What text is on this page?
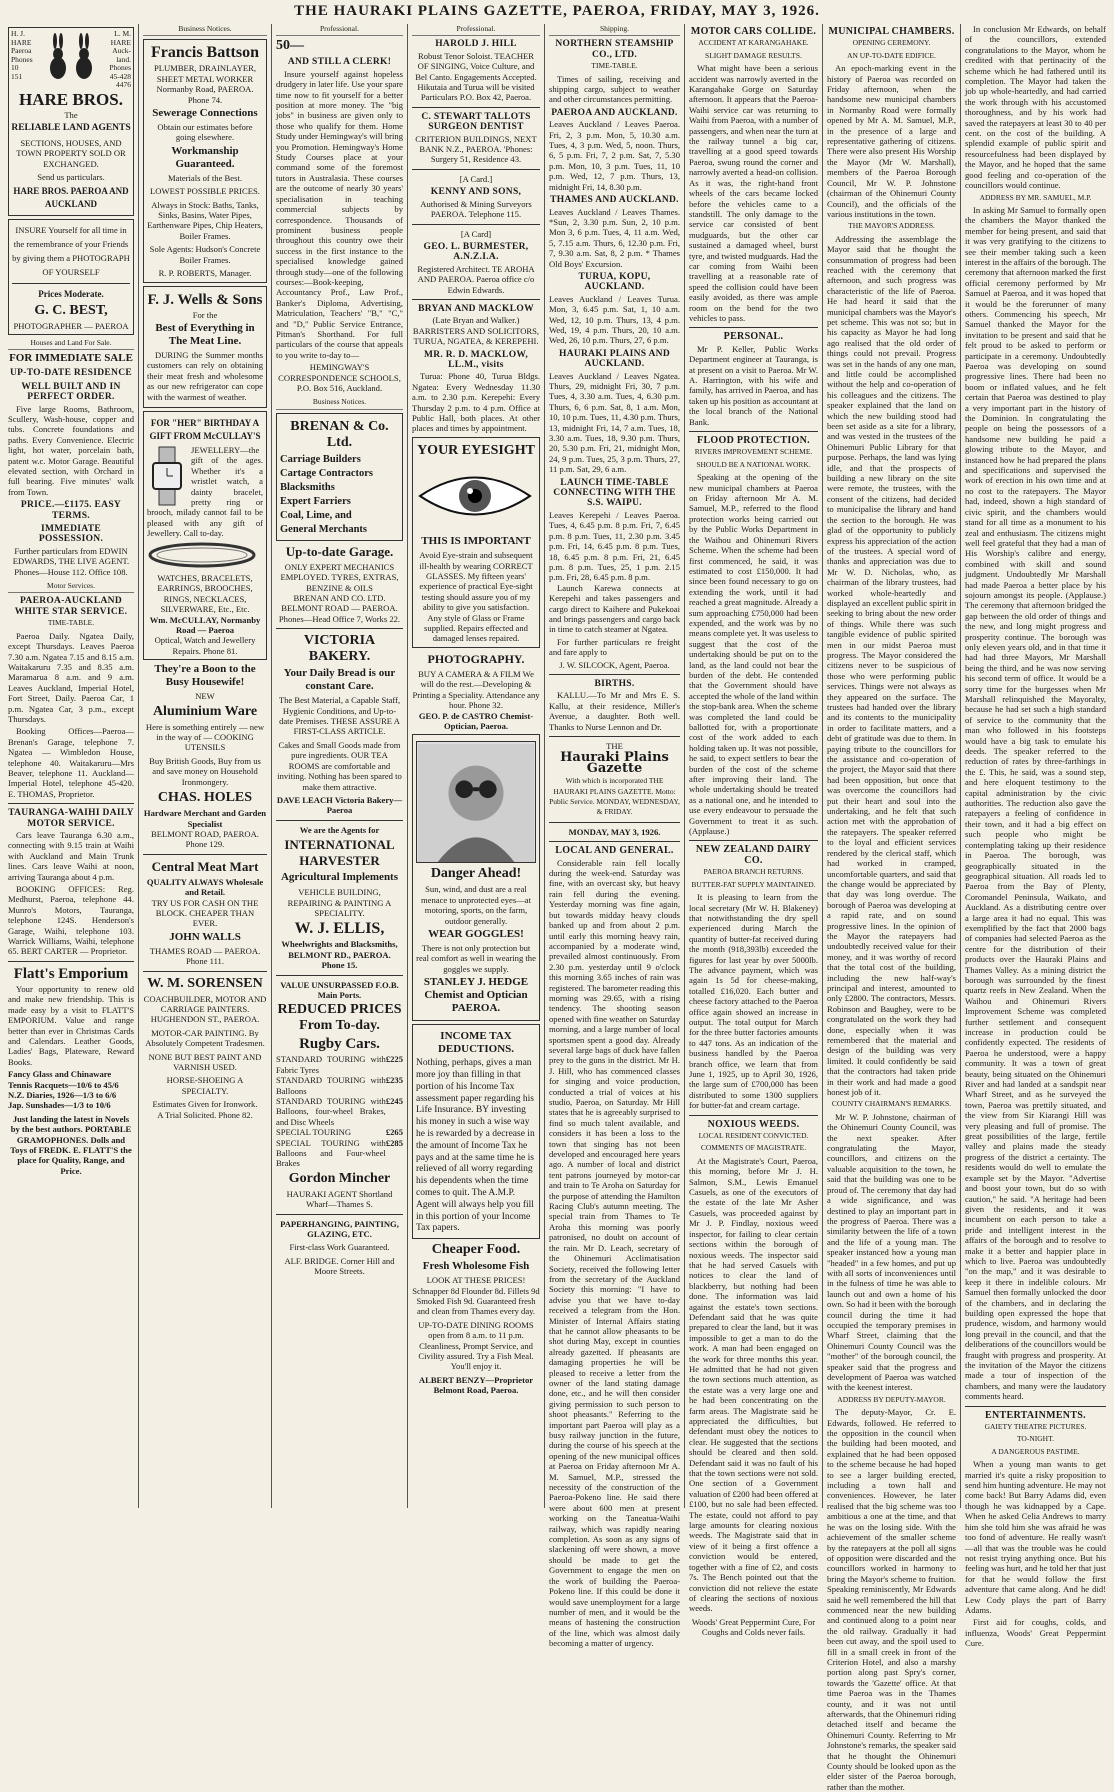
THE HAURAKI PLAINS GAZETTE, PAEROA, FRIDAY, MAY 3, 1926.
H. J.
HARE
Paeroa
Phones
10
151
L. M.
HARE
Auck-
land.
Phones
45-428
4476
HARE BROS.
The
RELIABLE LAND AGENTS
SECTIONS, HOUSES, AND TOWN PROPERTY SOLD OR EXCHANGED.
Send us particulars.
HARE BROS. PAEROA AND AUCKLAND
INSURE Yourself for all time in the remembrance of your Friends by giving them a PHOTOGRAPH OF YOURSELF
Prices Moderate.
G. C. BEST,
PHOTOGRAPHER — PAEROA
Houses and Land For Sale.
FOR IMMEDIATE SALE
UP-TO-DATE RESIDENCE
WELL BUILT AND IN PERFECT ORDER.
Five large Rooms, Bathroom, Scullery, Wash-house, copper and tubs. Concrete foundations and paths. Every Convenience. Electric light, hot water, porcelain bath, patent w.c. Motor Garage. Beautiful elevated section, with Orchard in full bearing. Five minutes' walk from Town.
PRICE.—£1175. EASY TERMS.
IMMEDIATE POSSESSION.
Further particulars from EDWIN EDWARDS, THE LIVE AGENT. Phones—House 112. Office 108.
Motor Services.
PAEROA-AUCKLAND WHITE STAR SERVICE.
TIME-TABLE.
Paeroa Daily. Ngatea Daily, except Thursdays. Leaves Paeroa 7.30 a.m. Ngatea 7.15 and 8.15 a.m. Waitakaruru 7.35 and 8.35 a.m. Maramarua 8 a.m. and 9 a.m. Leaves Auckland, Imperial Hotel, Fort Street, Daily. Paeroa Car, 1 p.m. Ngatea Car, 3 p.m., except Thursdays.
Booking Offices—Paeroa—Brenan's Garage, telephone 7. Ngatea — Wimbledon House, telephone 40. Waitakaruru—Mrs Beaver, telephone 11. Auckland—Imperial Hotel, telephone 45-420. E. THOMAS, Proprietor.
TAURANGA-WAIHI DAILY MOTOR SERVICE.
Cars leave Tauranga 6.30 a.m., connecting with 9.15 train at Waihi with Auckland and Main Trunk lines. Cars leave Waihi at noon, arriving Tauranga about 4 p.m.
BOOKING OFFICES: Reg. Medhurst, Paeroa, telephone 44. Munro's Motors, Tauranga, telephone 124S. Henderson's Garage, Waihi, telephone 103. Warrick Williams, Waihi, telephone 65. BERT CARTER — Proprietor.
Flatt's Emporium
Your opportunity to renew old and make new friendship. This is made easy by a visit to FLATT'S EMPORIUM. Value and range better than ever in Christmas Cards and Calendars. Leather Goods, Ladies' Bags, Plateware, Reward Books.
Fancy Glass and Chinaware
Tennis Racquets—10/6 to 45/6
N.Z. Diaries, 1926—1/3 to 6/6
Jap. Sunshades—1/3 to 10/6
Just landing the latest in Novels by the best authors. PORTABLE GRAMOPHONES. Dolls and Toys of FREDK. E. FLATT'S the place for Quality, Range, and Price.
Business Notices.
Francis Battson
PLUMBER, DRAINLAYER, SHEET METAL WORKER
Normanby Road, PAEROA. Phone 74.
Sewerage Connections
Obtain our estimates before going elsewhere.
Workmanship Guaranteed.
Materials of the Best.
LOWEST POSSIBLE PRICES.
Always in Stock: Baths, Tanks, Sinks, Basins, Water Pipes, Earthenware Pipes, Chip Heaters, Boiler Frames.
Sole Agents: Hudson's Concrete Boiler Frames.
R. P. ROBERTS, Manager.
F. J. Wells & Sons
For the
Best of Everything in The Meat Line.
DURING the Summer months customers can rely on obtaining their meat fresh and wholesome as our new refrigerator can cope with the warmest of weather.
FOR "HER" BIRTHDAY A GIFT FROM McCULLAY'S
JEWELLERY—the gift of the ages. Whether it's a wristlet watch, a dainty bracelet, pretty ring or brooch, milady cannot fail to be pleased with any gift of Jewellery. Call to-day.
WATCHES, BRACELETS, EARRINGS, BROOCHES, RINGS, NECKLACES, SILVERWARE, Etc., Etc.
Wm. McCULLAY, Normanby Road — Paeroa
Optical, Watch and Jewellery Repairs. Phone 81.
They're a Boon to the Busy Housewife!
NEW
Aluminium Ware
Here is something entirely — new in the way of — COOKING UTENSILS
Buy British Goods, Buy from us and save money on Household Ironmongery.
CHAS. HOLES
Hardware Merchant and Garden Specialist
BELMONT ROAD, PAEROA. Phone 129.
Central Meat Mart
QUALITY ALWAYS Wholesale and Retail.
TRY US FOR CASH ON THE BLOCK. CHEAPER THAN EVER.
JOHN WALLS
THAMES ROAD — PAEROA. Phone 111.
W. M. SORENSEN
COACHBUILDER, MOTOR AND CARRIAGE PAINTERS. HUGHENDON ST., PAEROA.
MOTOR-CAR PAINTING. By Absolutely Competent Tradesmen.
NONE BUT BEST PAINT AND VARNISH USED.
HORSE-SHOEING A SPECIALTY.
Estimates Given for Ironwork.
A Trial Solicited. Phone 82.
Professional.
50—
AND STILL A CLERK!
Insure yourself against hopeless drudgery in later life. Use your spare time now to fit yourself for a better position at more money. The "big jobs" in business are given only to those who qualify for them. Home Study under Hemingway's will bring you Promotion. Hemingway's Home Study Courses place at your command some of the foremost tutors in Australasia. These courses are the outcome of nearly 30 years' specialisation in teaching commercial subjects by correspondence. Thousands of prominent business people throughout this country owe their success in the first instance to the specialised knowledge gained through study—one of the following courses:—Book-keeping, Accountancy Prof., Law Prof., Banker's Diploma, Advertising, Matriculation, Teachers' "B," "C," and "D," Public Service Entrance, Pitman's Shorthand. For full particulars of the course that appeals to you write to-day to—
HEMINGWAY'S CORRESPONDENCE SCHOOLS, P.O. Box 516, Auckland.
Business Notices.
BRENAN & Co. Ltd.
Carriage Builders
Cartage Contractors
Blacksmiths
Expert Farriers
Coal, Lime, and
General Merchants
Up-to-date Garage.
ONLY EXPERT MECHANICS EMPLOYED. TYRES, EXTRAS, BENZINE & OILS
BRENAN AND CO. LTD. BELMONT ROAD — PAEROA. Phones—Head Office 7, Works 22.
VICTORIA BAKERY.
Your Daily Bread is our constant Care.
The Best Material, a Capable Staff, Hygienic Conditions, and Up-to-date Premises. THESE ASSURE A FIRST-CLASS ARTICLE.
Cakes and Small Goods made from pure ingredients. OUR TEA ROOMS are comfortable and inviting. Nothing has been spared to make them attractive.
DAVE LEACH Victoria Bakery—Paeroa
We are the Agents for
INTERNATIONAL HARVESTER
Agricultural Implements
VEHICLE BUILDING, REPAIRING & PAINTING A SPECIALITY.
W. J. ELLIS,
Wheelwrights and Blacksmiths, BELMONT RD., PAEROA. Phone 15.
VALUE UNSURPASSED F.O.B. Main Ports.
REDUCED PRICES From To-day.
Rugby Cars.
STANDARD TOURING with Fabric Tyres
£225
STANDARD TOURING with Balloons
£235
STANDARD TOURING with Balloons, four-wheel Brakes, and Disc Wheels
£245
SPECIAL TOURING	£265
SPECIAL TOURING with Balloons and Four-wheel Brakes
£285
Gordon Mincher
HAURAKI AGENT Shortland Wharf—Thames S.
PAPERHANGING, PAINTING, GLAZING, ETC.
First-class Work Guaranteed.
ALF. BRIDGE. Corner Hill and Moore Streets.
Professional.
HAROLD J. HILL
Robust Tenor Soloist. TEACHER OF SINGING, Voice Culture, and Bel Canto. Engagements Accepted. Hikutaia and Turua will be visited Particulars P.O. Box 42, Paeroa.
C. STEWART TALLOTS SURGEON DENTIST
CRITERION BUILDINGS, NEXT BANK N.Z., PAEROA. 'Phones: Surgery 51, Residence 43.
[A Card.]
KENNY AND SONS,
Authorised & Mining Surveyors PAEROA. Telephone 115.
[A Card]
GEO. L. BURMESTER, A.N.Z.I.A.
Registered Architect. TE AROHA AND PAEROA. Paeroa office c/o Edwin Edwards.
BRYAN AND MACKLOW
(Late Bryan and Walker.) BARRISTERS AND SOLICITORS, TURUA, NGATEA, & KEREPEHI.
MR. R. D. MACKLOW, LL.M., visits
Turua: Phone 40, Turua Bldgs. Ngatea: Every Wednesday 11.30 a.m. to 2.30 p.m. Kerepehi: Every Thursday 2 p.m. to 4 p.m. Office at Public Hall, both places. At other places and times by appointment.
YOUR EYESIGHT
THIS IS IMPORTANT
Avoid Eye-strain and subsequent ill-health by wearing CORRECT GLASSES. My fifteen years' experience of practical Eye-sight testing should assure you of my ability to give you satisfaction. Any style of Glass or Frame supplied. Repairs effected and damaged lenses repaired.
PHOTOGRAPHY.
BUY A CAMERA & A FILM We will do the rest.—Developing & Printing a Speciality. Attendance any hour. Phone 32.
GEO. P. de CASTRO Chemist-Optician, Paeroa.
Danger Ahead!
Sun, wind, and dust are a real menace to unprotected eyes—at motoring, sports, on the farm, outdoor generally.
WEAR GOGGLES!
There is not only protection but real comfort as well in wearing the goggles we supply.
STANLEY J. HEDGE Chemist and Optician PAEROA.
INCOME TAX DEDUCTIONS.
Nothing, perhaps, gives a man more joy than filling in that portion of his Income Tax assessment paper regarding his Life Insurance. BY investing his money in such a wise way he is rewarded by a decrease in the amount of Income Tax he pays and at the same time he is relieved of all worry regarding his dependents when the time comes to quit. The A.M.P. Agent will always help you fill in this portion of your Income Tax papers.
Cheaper Food.
Fresh Wholesome Fish
LOOK AT THESE PRICES!
Schnapper 8d Flounder 8d. Fillets 9d Smoked Fish 9d. Guaranteed fresh and clean from Thames every day.
UP-TO-DATE DINING ROOMS open from 8 a.m. to 11 p.m. Cleanliness, Prompt Service, and Civility assured. Try a Fish Meal. You'll enjoy it.
ALBERT BENZY—Proprietor Belmont Road, Paeroa.
Shipping.
NORTHERN STEAMSHIP CO., LTD.
TIME-TABLE.
Times of sailing, receiving and shipping cargo, subject to weather and other circumstances permitting.
PAEROA AND AUCKLAND.
Leaves Auckland / Leaves Paeroa. Fri, 2, 3 p.m. Mon, 5, 10.30 a.m. Tues, 4, 3 p.m. Wed, 5, noon. Thurs, 6, 5 p.m. Fri, 7, 2 p.m. Sat, 7, 5.30 p.m. Mon, 10, 3 p.m. Tues, 11, 10 p.m. Wed, 12, 7 p.m. Thurs, 13, midnight Fri, 14, 8.30 p.m.
THAMES AND AUCKLAND.
Leaves Auckland / Leaves Thames. *Sun, 2, 3.30 p.m. Sun, 2, 10 p.m. Mon 3, 6 p.m. Tues, 4, 11 a.m. Wed, 5, 7.15 a.m. Thurs, 6, 12.30 p.m. Fri, 7, 9.30 a.m. Sat, 8, 2 p.m. * Thames Old Boys' Excursion.
TURUA, KOPU, AUCKLAND.
Leaves Auckland / Leaves Turua. Mon, 3, 6.45 p.m. Sat, 1, 10 a.m. Wed, 12, 10 p.m. Thurs, 13, 4 p.m. Wed, 19, 4 p.m. Thurs, 20, 10 a.m. Wed, 26, 10 p.m. Thurs, 27, 6 p.m.
HAURAKI PLAINS AND AUCKLAND.
Leaves Auckland / Leaves Ngatea. Thurs, 29, midnight Fri, 30, 7 p.m. Tues, 4, 3.30 a.m. Tues, 4, 6.30 p.m. Thurs, 6, 6 p.m. Sat, 8, 1 a.m. Mon, 10, 10 p.m. Tues, 11, 4.30 p.m. Thurs, 13, midnight Fri, 14, 7 a.m. Tues, 18, 3.30 a.m. Tues, 18, 9.30 p.m. Thurs, 20, 5.30 p.m. Fri, 21, midnight Mon, 24, 9 p.m. Tues, 25, 3 p.m. Thurs, 27, 11 p.m. Sat, 29, 6 a.m.
LAUNCH TIME-TABLE CONNECTING WITH THE S.S. WAIPU.
Leaves Kerepehi / Leaves Paeroa. Tues, 4, 6.45 p.m. 8 p.m. Fri, 7, 6.45 p.m. 8 p.m. Tues, 11, 2.30 p.m. 3.45 p.m. Fri, 14, 6.45 p.m. 8 p.m. Tues, 18, 6.45 p.m. 8 p.m. Fri, 21, 6.45 p.m. 8 p.m. Tues, 25, 1 p.m. 2.15 p.m. Fri, 28, 6.45 p.m. 8 p.m.
Launch Karewa connects at Kerepehi and takes passengers and cargo direct to Kaihere and Pukekoai and brings passengers and cargo back in time to catch steamer at Ngatea.
For further particulars re freight and fare apply to
J. W. SILCOCK, Agent, Paeroa.
BIRTHS.
KALLU.—To Mr and Mrs E. S. Kallu, at their residence, Miller's Avenue, a daughter. Both well. Thanks to Nurse Lennon and Dr.
THE
Hauraki Plains Gazette
With which is incorporated THE HAURAKI PLAINS GAZETTE. Motto: Public Service. MONDAY, WEDNESDAY, & FRIDAY.
MONDAY, MAY 3, 1926.
LOCAL AND GENERAL.
Considerable rain fell locally during the week-end. Saturday was fine, with an overcast sky, but heavy rain fell during the evening. Yesterday morning was fine again, but towards midday heavy clouds banked up and from about 2 p.m. until early this morning heavy rain, accompanied by a moderate wind, prevailed almost continuously. From 2.30 p.m. yesterday until 9 o'clock this morning 3.65 inches of rain was registered. The barometer reading this morning was 29.65, with a rising tendency. The shooting season opened with fine weather on Saturday morning, and a large number of local sportsmen spent a good day. Already several large bags of duck have fallen prey to the guns in the district. Mr H. J. Hill, who has commenced classes for singing and voice production, conducted a trial of voices at his studio, Paeroa, on Saturday. Mr Hill states that he is agreeably surprised to find so much talent available, and considers it has been a loss to the town that singing has not been developed and encouraged here years ago. A number of local and district tent patrons journeyed by motor-car and train to Te Aroha on Saturday for the purpose of attending the Hamilton Racing Club's autumn meeting. The special train from Thames to Te Aroha this morning was poorly patronised, no doubt on account of the rain. Mr D. Leach, secretary of the Ohinemuri Acclimatisation Society, received the following letter from the secretary of the Auckland Society this morning: "I have to advise you that we have to-day received a telegram from the Hon. Minister of Internal Affairs stating that he cannot allow pheasants to be shot during May, except in counties already gazetted. If pheasants are damaging properties he will be pleased to receive a letter from the owner of the land stating damage done, etc., and he will then consider giving permission to such person to shoot pheasants." Referring to the important part Paeroa will play as a busy railway junction in the future, during the course of his speech at the opening of the new municipal offices at Paeroa on Friday afternoon Mr A. M. Samuel, M.P., stressed the necessity of the construction of the Paeroa-Pokeno line. He said there were about 600 men at present working on the Taneatua-Waihi railway, which was rapidly nearing completion. As soon as any signs of slackening off were shown, a move should be made to get the Government to engage the men on the work of building the Paeroa-Pokeno line. If this could be done it would save unemployment for a large number of men, and it would be the means of hastening the construction of the line, which was almost daily becoming a matter of urgency.
MOTOR CARS COLLIDE.
ACCIDENT AT KARANGAHAKE.
SLIGHT DAMAGE RESULTS.
What might have been a serious accident was narrowly averted in the Karangahake Gorge on Saturday afternoon. It appears that the Paeroa-Waihi service car was returning to Waihi from Paeroa, with a number of passengers, and when near the turn at the railway tunnel a big car, travelling at a good speed towards Paeroa, swung round the corner and narrowly averted a head-on collision. As it was, the right-hand front wheels of the cars became locked before the vehicles came to a standstill. The only damage to the service car consisted of bent mudguards, but the other car sustained a damaged wheel, burst tyre, and twisted mudguards. Had the car coming from Waihi been travelling at a reasonable rate of speed the collision could have been easily avoided, as there was ample room on the bend for the two vehicles to pass.
PERSONAL.
Mr P. Keller, Public Works Department engineer at Tauranga, is at present on a visit to Paeroa. Mr W. A. Harrington, with his wife and family, has arrived in Paeroa, and has taken up his position as accountant at the local branch of the National Bank.
FLOOD PROTECTION.
RIVERS IMPROVEMENT SCHEME.
SHOULD BE A NATIONAL WORK.
Speaking at the opening of the new municipal chambers at Paeroa on Friday afternoon Mr A. M. Samuel, M.P., referred to the flood protection works being carried out by the Public Works Department in the Waihou and Ohinemuri Rivers Scheme. When the scheme had been first commenced, he said, it was estimated to cost £150,000. It had since been found necessary to go on extending the work, until it had reached a great magnitude. Already a sum approaching £750,000 had been expended, and the work was by no means complete yet. It was useless to suggest that the cost of the undertaking should be put on to the land, as the land could not bear the burden of the debt. He contended that the Government should have accepted the whole of the land within the stop-bank area. When the scheme was completed the land could be ballotted for, with a proportionate cost of the work added to each holding taken up. It was not possible, he said, to expect settlers to bear the burden of the cost of the scheme after improving their land. The whole undertaking should be treated as a national one, and he intended to use every endeavour to persuade the Government to treat it as such. (Applause.)
NEW ZEALAND DAIRY CO.
PAEROA BRANCH RETURNS.
BUTTER-FAT SUPPLY MAINTAINED.
It is pleasing to learn from the local secretary (Mr W. H. Blakeney) that notwithstanding the dry spell experienced during March the quantity of butter-fat received during the month (918,393lb) exceeded the figures for last year by over 5000lb. The advance payment, which was again 1s 5d for cheese-making, totalled £16,020. Each butter and cheese factory attached to the Paeroa office again showed an increase in output. The total output for March for the three butter factories amounts to 447 tons. As an indication of the business handled by the Paeroa branch office, we learn that from June 1, 1925, up to April 30, 1926, the large sum of £700,000 has been distributed to some 1300 suppliers for butter-fat and cream cartage.
NOXIOUS WEEDS.
LOCAL RESIDENT CONVICTED.
COMMENTS OF MAGISTRATE.
At the Magistrate's Court, Paeroa, this morning, before Mr J. H. Salmon, S.M., Lewis Emanuel Casuels, as one of the executors of the estate of the late Mr Asher Casuels, was proceeded against by Mr J. P. Findlay, noxious weed inspector, for failing to clear certain sections within the borough of noxious weeds. The inspector said that he had served Casuels with notices to clear the land of blackberry, but nothing had been done. The information was laid against the estate's town sections. Defendant said that he was quite prepared to clear the land, but it was impossible to get a man to do the work. A man had been engaged on the work for three months this year. He admitted that he had not given the town sections much attention, as the estate was a very large one and he had been concentrating on the farm areas. The Magistrate said he appreciated the difficulties, but defendant must obey the notices to clear. He suggested that the sections should be cleared and then sold. Defendant said it was no fault of his that the town sections were not sold. One section of a Government valuation of £200 had been offered at £100, but no sale had been effected. The estate, could not afford to pay large amounts for clearing noxious weeds. The Magistrate said that in view of it being a first offence a conviction would be entered, together with a fine of £2, and costs 7s. The Bench pointed out that the conviction did not relieve the estate of clearing the sections of noxious weeds.
Woods' Great Peppermint Cure, For Coughs and Colds never fails.
MUNICIPAL CHAMBERS.
OPENING CEREMONY.
AN UP-TO-DATE EDIFICE.
An epoch-marking event in the history of Paeroa was recorded on Friday afternoon, when the handsome new municipal chambers in Normanby Road were formally opened by Mr A. M. Samuel, M.P., in the presence of a large and representative gathering of citizens. There were also present His Worship the Mayor (Mr W. Marshall), members of the Paeroa Borough Council, Mr W. P. Johnstone (chairman of the Ohinemuri County Council), and the officials of the various institutions in the town.
THE MAYOR'S ADDRESS.
Addressing the assemblage the Mayor said that he thought the consummation of progress had been reached with the ceremony that afternoon, and such progress was characteristic of the life of Paeroa. He had heard it said that the municipal chambers was the Mayor's pet scheme. This was not so; but in his capacity as Mayor he had long ago realised that the old order of things could not prevail. Progress was set in the hands of any one man, and little could be accomplished without the help and co-operation of his colleagues and the citizens. The speaker explained that the land on which the new building stood had been set aside as a site for a library, and was vested in the trustees of the Ohinemuri Public Library for that purpose. Perhaps, the land was lying idle, and that the prospects of building a new library on the site were remote, the trustees, with the consent of the citizens, had decided to municipalise the library and hand the section to the borough. He was glad of the opportunity to publicly express his appreciation of the action of the trustees. A special word of thanks and appreciation was due to Mr W. D. Nicholas, who, as chairman of the library trustees, had worked whole-heartedly and displayed an excellent public spirit in seeking to bring about the new order of things. While there was such tangible evidence of public spirited men in our midst Paeroa must progress. The Mayor considered the citizens never to be suspicious of those who were performing public services. Things were not always as they appeared on the surface. The trustees had handed over the library and its contents to the municipality in order to facilitate matters, and a debt of gratitude was due to them. In paying tribute to the councillors for the assistance and co-operation of the project, the Mayor said that there had been opposition, but once that was overcome the councillors had put their heart and soul into the undertaking, and he felt that such action met with the approbation of the ratepayers. The speaker referred to the loyal and efficient services rendered by the clerical staff, which had worked in cramped, uncomfortable quarters, and said that the change would be appreciated by that day was long overdue. The borough of Paeroa was developing at a rapid rate, and on sound progressive lines. In the opinion of the Mayor the ratepayers had undoubtedly received value for their money, and it was worthy of record that the total cost of the building, including the new half-way's principal and interest, amounted to only £2800. The contractors, Messrs. Robinson and Baughey, were to be congratulated on the work they had done, especially when it was remembered that the material and design of the building was very limited. It could confidently be said that the contractors had taken pride in their work and had made a good honest job of it.
COUNTY CHAIRMAN'S REMARKS.
Mr W. P. Johnstone, chairman of the Ohinemuri County Council, was the next speaker. After congratulating the Mayor, councillors, and citizens on the valuable acquisition to the town, he said that the building was one to be proud of. The ceremony that day had a wide significance, and was destined to play an important part in the progress of Paeroa. There was a similarity between the life of a town and the life of a young man. The speaker instanced how a young man "headed" in a few homes, and put up with all sorts of inconveniences until in the fulness of time he was able to launch out and own a home of his own. So had it been with the borough council during the time it had occupied the temporary premises in Wharf Street, claiming that the Ohinemuri County Council was the "mother" of the borough council, the speaker said that the progress and development of Paeroa was watched with the keenest interest.
ADDRESS BY DEPUTY-MAYOR.
The deputy-Mayor, Cr. E. Edwards, followed. He referred to the opposition in the council when the building had been mooted, and explained that he had been opposed to the scheme because he had hoped to see a larger building erected, including a town hall and conveniences. However, he later realised that the big scheme was too ambitious a one at the time, and that he was on the losing side. With the achievement of the smaller scheme by the ratepayers at the poll all signs of opposition were discarded and the councillors worked in harmony to bring the Mayor's scheme to fruition. Speaking reminiscently, Mr Edwards said he well remembered the hill that commenced near the new building and continued along to a point near the old railway. Gradually it had been cut away, and the spoil used to fill in a small creek in front of the Criterion Hotel, and also a marshy portion along past Spry's corner, towards the 'Gazette' office. At that time Paeroa was in the Thames county, and it was not until afterwards, that the Ohinemuri riding detached itself and became the Ohinemuri County. Referring to Mr Johnstone's remarks, the speaker said that he thought the Ohinemuri County should be looked upon as the elder sister of the Paeroa borough, rather than the mother.
In conclusion Mr Edwards, on behalf of the councillors, extended congratulations to the Mayor, whom he credited with that pertinacity of the scheme which he had fathered until its completion. The Mayor had taken the job up whole-heartedly, and had carried the work through with his accustomed thoroughness, and by his work had saved the ratepayers at least 30 to 40 per cent. on the cost of the building. A splendid example of public spirit and resourcefulness had been displayed by the Mayor, and he hoped that the same good feeling and co-operation of the councillors would continue.
ADDRESS BY MR. SAMUEL, M.P.
In asking Mr Samuel to formally open the chambers the Mayor thanked the member for being present, and said that it was very gratifying to the citizens to see their member taking such a keen interest in the affairs of the borough. The ceremony that afternoon marked the first official ceremony performed by Mr Samuel at Paeroa, and it was hoped that it would be the forerunner of many others. Commencing his speech, Mr Samuel thanked the Mayor for the invitation to be present and said that he felt proud to be asked to perform or participate in a ceremony. Undoubtedly Paeroa was developing on sound progressive lines. There had been no boom or inflated values, and he felt certain that Paeroa was destined to play a very important part in the history of the Dominion. In congratulating the people on being the possessors of a handsome new building he paid a glowing tribute to the Mayor, and instanced how he had prepared the plans and specifications and supervised the work of erection in his own time and at no cost to the ratepayers. The Mayor had, indeed, shown a high standard of civic spirit, and the chambers would stand for all time as a monument to his zeal and enthusiasm. The citizens might well feel grateful that they had a man of His Worship's calibre and energy, combined with skill and sound judgment. Undoubtedly Mr Marshall had made Paeroa a better place by his sojourn amongst its people. (Applause.) The ceremony that afternoon bridged the gap between the old order of things and the new, and long might progress and prosperity continue. The borough was only eleven years old, and in that time it had had three Mayors, Mr Marshall being the third, and he was now serving his second term of office. It would be a sorry time for the burgesses when Mr Marshall relinquished the Mayoralty, because he had set such a high standard of service to the community that the man who followed in his footsteps would have a big task to emulate his deeds. The speaker referred to the reduction of rates by three-farthings in the £. This, he said, was a sound step, and here eloquent testimony to the capital administration by the civic authorities. The reduction also gave the ratepayers a feeling of confidence in their town, and it had a big effect on such people who might be contemplating taking up their residence in Paeroa. The borough, was geographically situated in the geographical situation. All roads led to Paeroa from the Bay of Plenty, Coromandel Peninsula, Waikato, and Auckland. As a distributing centre over a large area it had no equal. This was exemplified by the fact that 2000 bags of companies had selected Paeroa as the centre for the distribution of their products over the Hauraki Plains and Thames Valley. As a mining district the borough was surrounded by the finest quartz reefs in New Zealand. When the Waihou and Ohinemuri Rivers Improvement Scheme was completed further settlement and consequent increase in production could be confidently expected. The residents of Paeroa he understood, were a happy community. It was a town of great beauty, being situated on the Ohinemuri River and had landed at a sandspit near Wharf Street, and as he surveyed the town, Paeroa was prettily situated, and the view from Sir Kiarangi Hill was very pleasing and full of promise. The great possibilities of the large, fertile valley and plains made the steady progress of the district a certainty. The residents would do well to emulate the example set by the Mayor. "Advertise and boost your town, but do so with caution," he said. "A heritage had been given the residents, and it was incumbent on each person to take a pride and intelligent interest in the affairs of the borough and to resolve to make it a better and happier place in which to live. Paeroa was undoubtedly "on the map," and it was desirable to keep it there in indelible colours. Mr Samuel then formally unlocked the door of the chambers, and in declaring the building open expressed the hope that prudence, wisdom, and harmony would long prevail in the council, and that the deliberations of the councillors would be fraught with progress and prosperity. At the invitation of the Mayor the citizens made a tour of inspection of the chambers, and many were the laudatory comments heard.
ENTERTAINMENTS.
GAIETY THEATRE PICTURES.
TO-NIGHT.
A DANGEROUS PASTIME.
When a young man wants to get married it's quite a risky proposition to send him hunting adventure. He may not come back! But Barry Adams did, even though he was kidnapped by a Cape. When he asked Celia Andrews to marry him she told him she was afraid he was too fond of adventure. He really wasn't—all that was the trouble was he could not resist trying anything once. But his feeling was hurt, and he told her that just for that he would follow the first adventure that came along. And he did! Lew Cody plays the part of Barry Adams.
First aid for coughs, colds, and influenza, Woods' Great Peppermint Cure.
